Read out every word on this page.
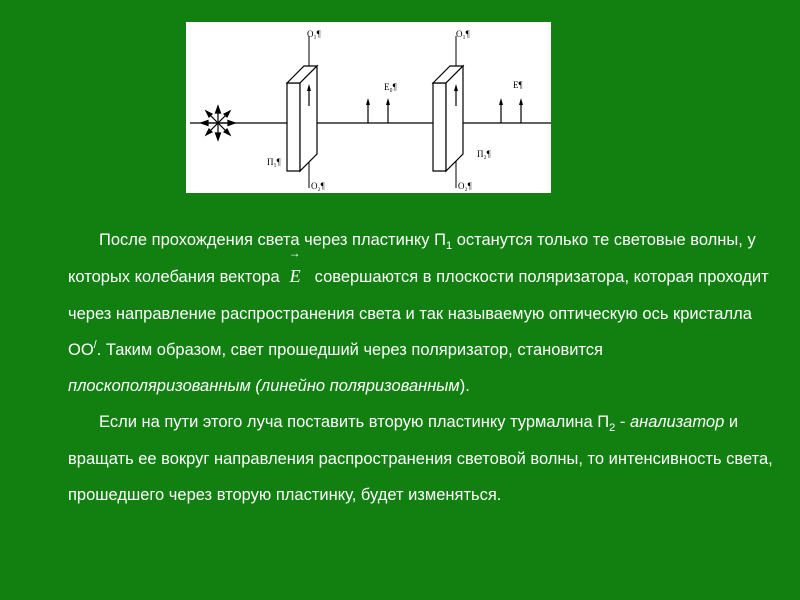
O₁¶	O₁¶
O₂¶	O₂¶
E₀¶	E¶
П₁¶
П₂¶

После прохождения света через пластинку $П_1$ останутся только те световые волны, у которых колебания вектора
→
E совершаются в плоскости поляризатора, которая проходит через направление распространения света и так называемую оптическую ось кристалла ОО/. Таким образом, свет прошедший через поляризатор, становится плоскополяризованным (линейно поляризованным).

Если на пути этого луча поставить вторую пластинку турмалина $П_2$ - анализатор и вращать ее вокруг направления распространения световой волны, то интенсивность света, прошедшего через вторую пластинку, будет изменяться.
